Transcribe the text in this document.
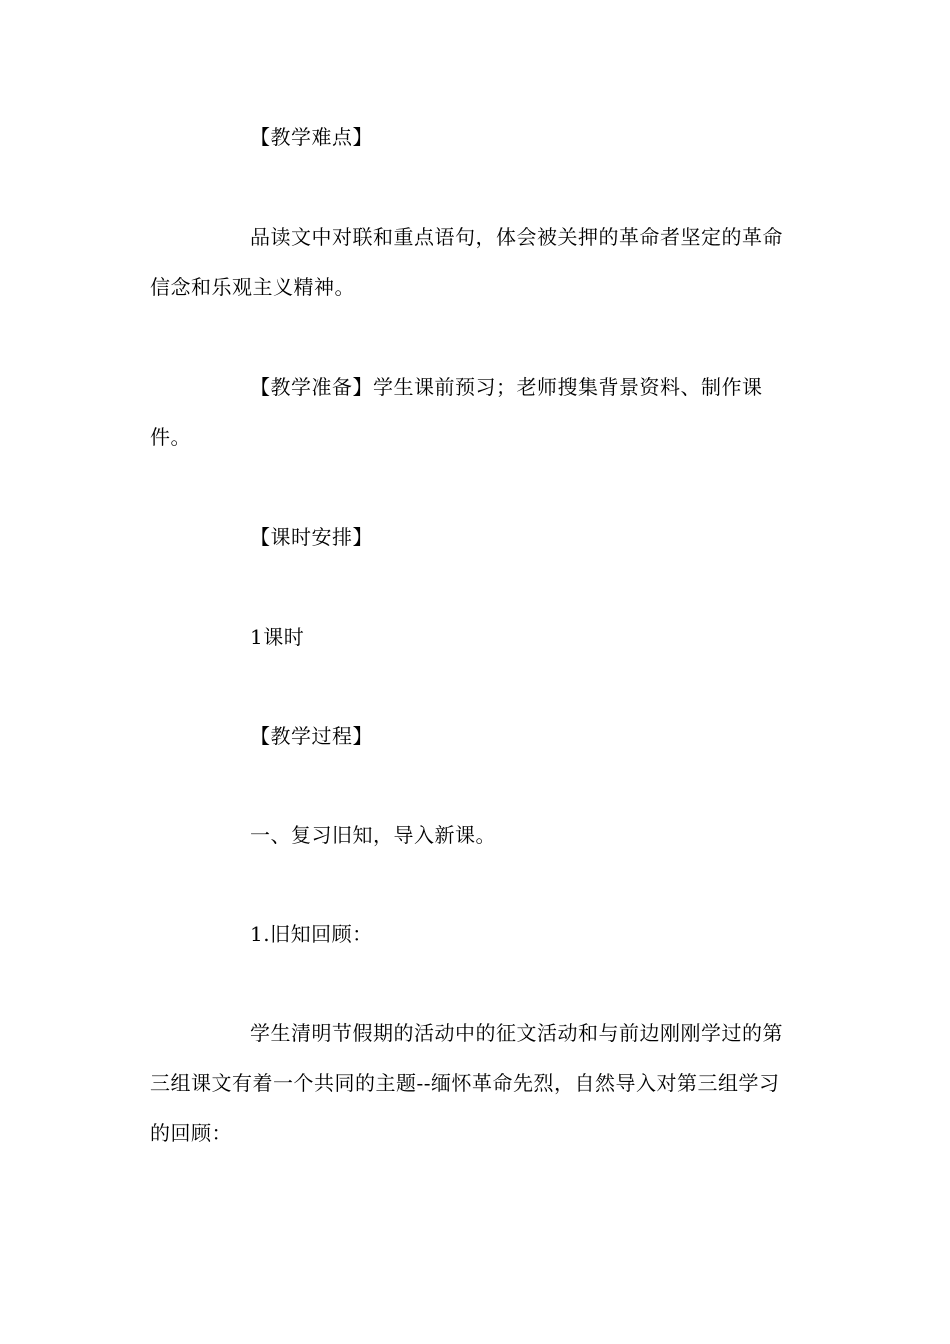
【教学难点】

品读文中对联和重点语句，体会被关押的革命者坚定的革命信念和乐观主义精神。

【教学准备】学生课前预习；老师搜集背景资料、制作课件。

【课时安排】

1课时

【教学过程】

一、复习旧知，导入新课。

1.旧知回顾：

学生清明节假期的活动中的征文活动和与前边刚刚学过的第三组课文有着一个共同的主题--缅怀革命先烈，自然导入对第三组学习的回顾：
